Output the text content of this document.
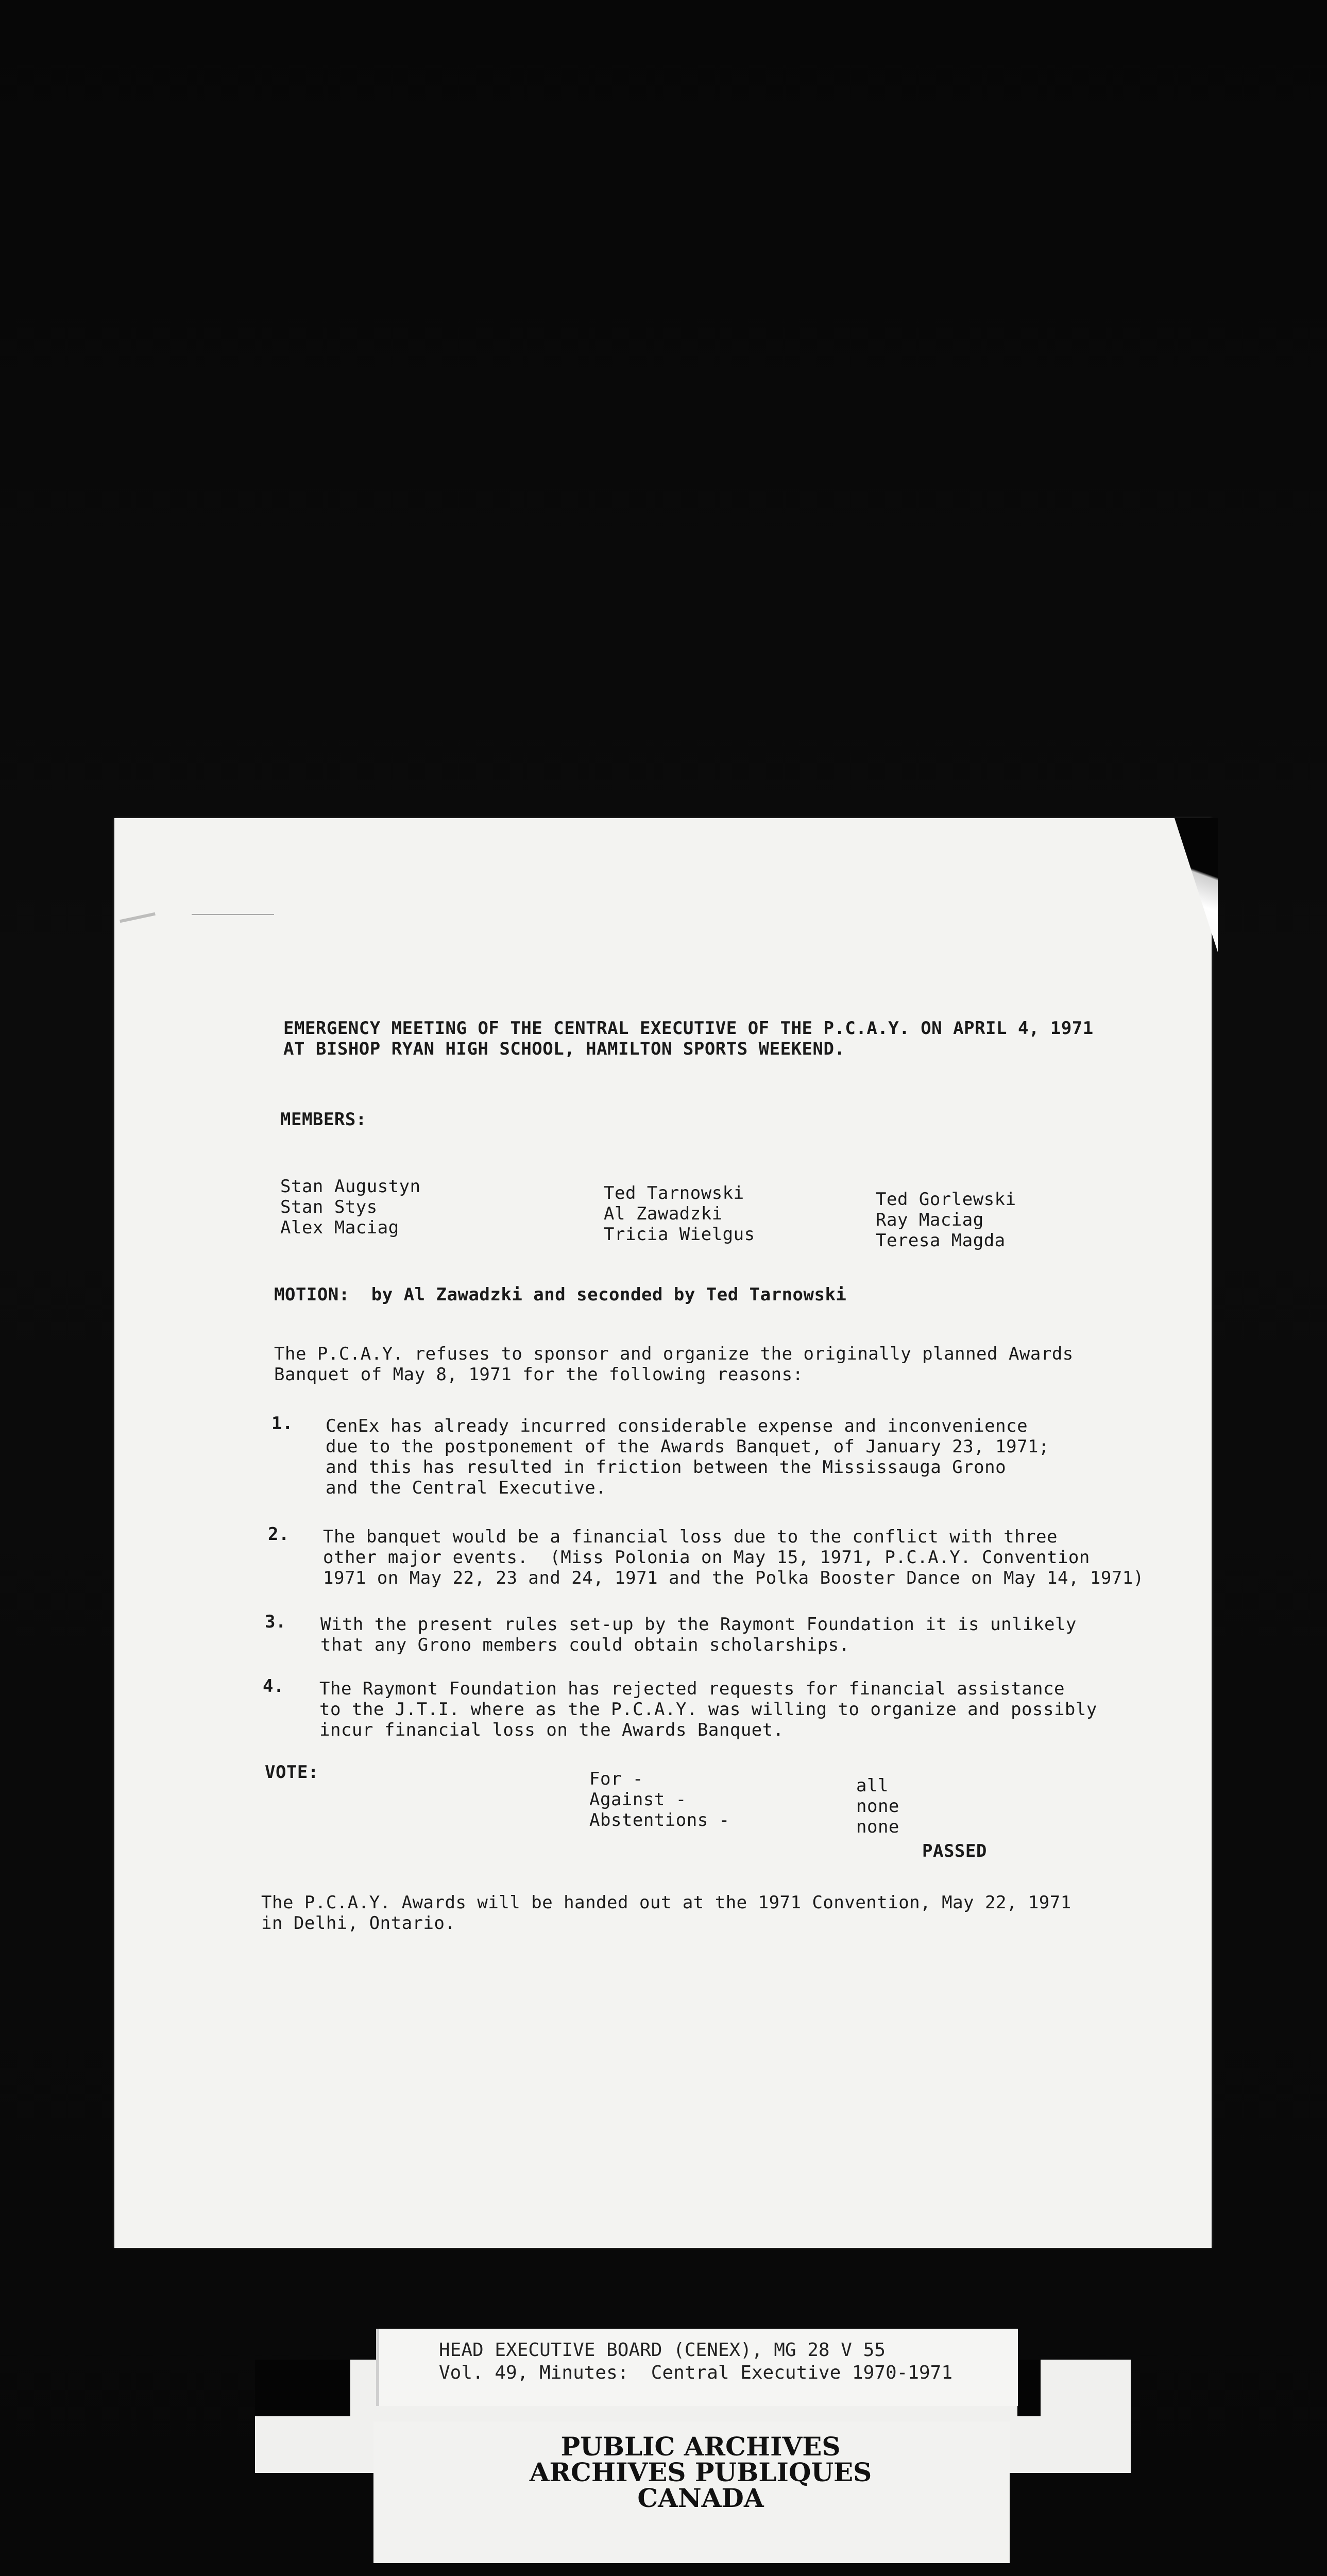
EMERGENCY MEETING OF THE CENTRAL EXECUTIVE OF THE P.C.A.Y. ON APRIL 4, 1971
AT BISHOP RYAN HIGH SCHOOL, HAMILTON SPORTS WEEKEND.
MEMBERS:
Stan Augustyn
Stan Stys
Alex Maciag
Ted Tarnowski
Al Zawadzki
Tricia Wielgus
Ted Gorlewski
Ray Maciag
Teresa Magda
MOTION:  by Al Zawadzki and seconded by Ted Tarnowski
The P.C.A.Y. refuses to sponsor and organize the originally planned Awards
Banquet of May 8, 1971 for the following reasons:
1. CenEx has already incurred considerable expense and inconvenience
due to the postponement of the Awards Banquet, of January 23, 1971;
and this has resulted in friction between the Mississauga Grono
and the Central Executive.
2. The banquet would be a financial loss due to the conflict with three
other major events.  (Miss Polonia on May 15, 1971, P.C.A.Y. Convention
1971 on May 22, 23 and 24, 1971 and the Polka Booster Dance on May 14, 1971)
3. With the present rules set-up by the Raymont Foundation it is unlikely
that any Grono members could obtain scholarships.
4. The Raymont Foundation has rejected requests for financial assistance
to the J.T.I. where as the P.C.A.Y. was willing to organize and possibly
incur financial loss on the Awards Banquet.
VOTE:	For -
Against -
Abstentions -
all
none
none
PASSED
The P.C.A.Y. Awards will be handed out at the 1971 Convention, May 22, 1971
in Delhi, Ontario.
HEAD EXECUTIVE BOARD (CENEX), MG 28 V 55
Vol. 49, Minutes:  Central Executive 1970-1971
PUBLIC ARCHIVES
ARCHIVES PUBLIQUES
CANADA
